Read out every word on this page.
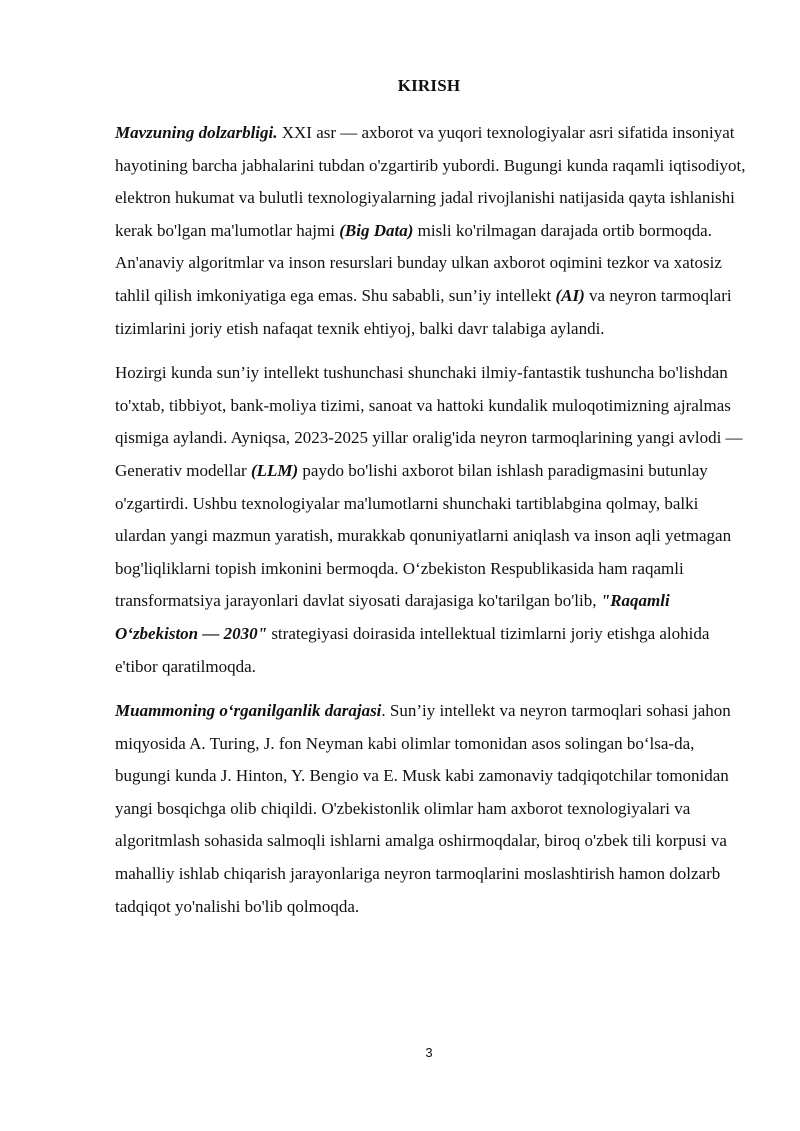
KIRISH

Mavzuning dolzarbligi. XXI asr — axborot va yuqori texnologiyalar asri sifatida insoniyat hayotining barcha jabhalarini tubdan o'zgartirib yubordi. Bugungi kunda raqamli iqtisodiyot, elektron hukumat va bulutli texnologiyalarning jadal rivojlanishi natijasida qayta ishlanishi kerak bo'lgan ma'lumotlar hajmi (Big Data) misli ko'rilmagan darajada ortib bormoqda. An'anaviy algoritmlar va inson resurslari bunday ulkan axborot oqimini tezkor va xatosiz tahlil qilish imkoniyatiga ega emas. Shu sababli, sun’iy intellekt (AI) va neyron tarmoqlari tizimlarini joriy etish nafaqat texnik ehtiyoj, balki davr talabiga aylandi.

Hozirgi kunda sun’iy intellekt tushunchasi shunchaki ilmiy-fantastik tushuncha bo'lishdan to'xtab, tibbiyot, bank-moliya tizimi, sanoat va hattoki kundalik muloqotimizning ajralmas qismiga aylandi. Ayniqsa, 2023-2025 yillar oralig'ida neyron tarmoqlarining yangi avlodi — Generativ modellar (LLM) paydo bo'lishi axborot bilan ishlash paradigmasini butunlay o'zgartirdi. Ushbu texnologiyalar ma'lumotlarni shunchaki tartiblabgina qolmay, balki ulardan yangi mazmun yaratish, murakkab qonuniyatlarni aniqlash va inson aqli yetmagan bog'liqliklarni topish imkonini bermoqda. O‘zbekiston Respublikasida ham raqamli transformatsiya jarayonlari davlat siyosati darajasiga ko'tarilgan bo'lib, "Raqamli O‘zbekiston — 2030" strategiyasi doirasida intellektual tizimlarni joriy etishga alohida e'tibor qaratilmoqda.

Muammoning o‘rganilganlik darajasi. Sun’iy intellekt va neyron tarmoqlari sohasi jahon miqyosida A. Turing, J. fon Neyman kabi olimlar tomonidan asos solingan bo‘lsa-da, bugungi kunda J. Hinton, Y. Bengio va E. Musk kabi zamonaviy tadqiqotchilar tomonidan yangi bosqichga olib chiqildi. O'zbekistonlik olimlar ham axborot texnologiyalari va algoritmlash sohasida salmoqli ishlarni amalga oshirmoqdalar, biroq o'zbek tili korpusi va mahalliy ishlab chiqarish jarayonlariga neyron tarmoqlarini moslashtirish hamon dolzarb tadqiqot yo'nalishi bo'lib qolmoqda.

3
